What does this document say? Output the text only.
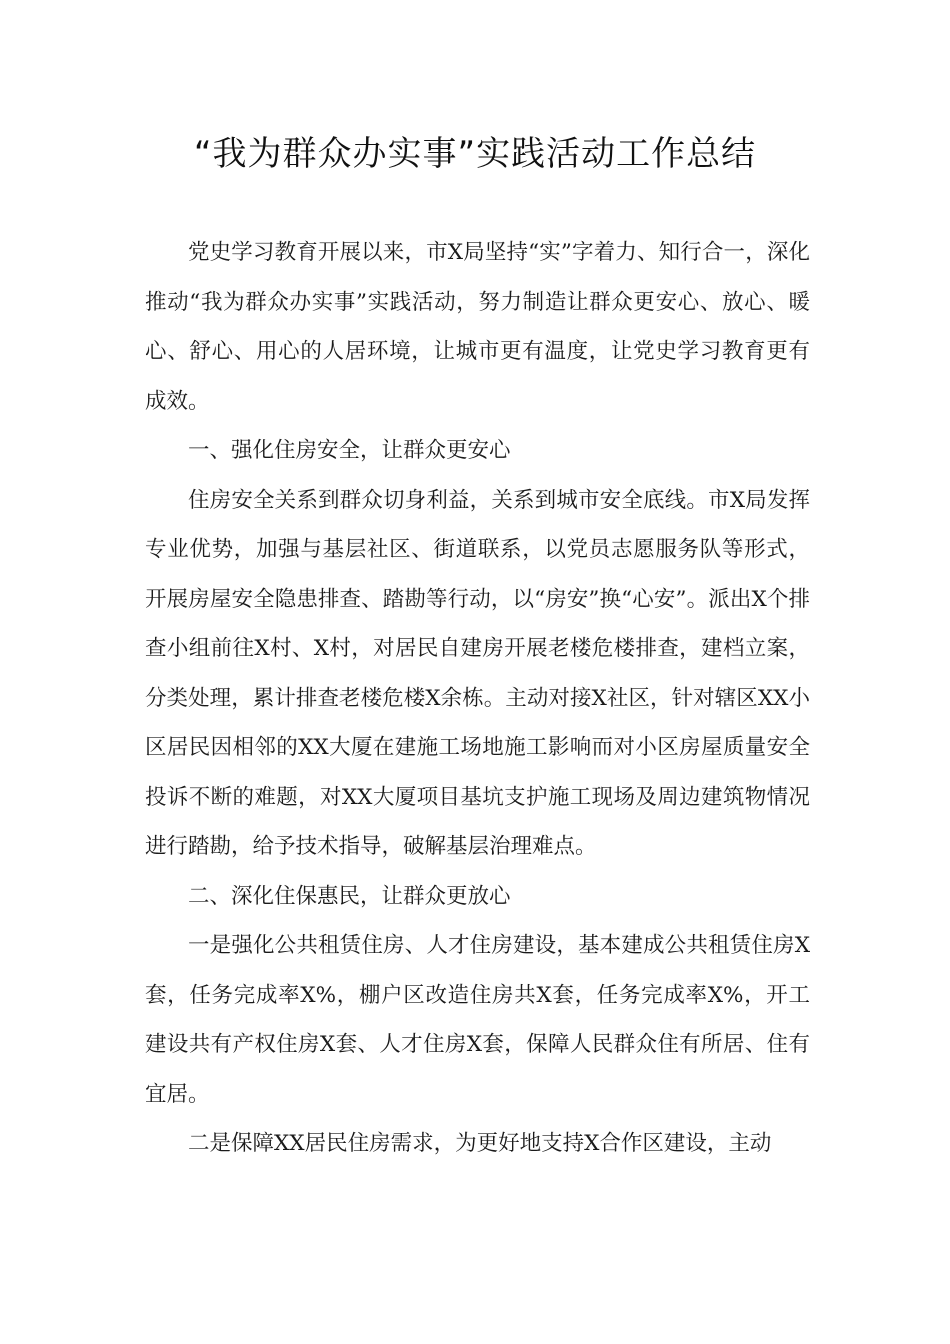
“我为群众办实事”实践活动工作总结

党史学习教育开展以来，市X局坚持“实”字着力、知行合一，深化推动“我为群众办实事”实践活动，努力制造让群众更安心、放心、暖心、舒心、用心的人居环境，让城市更有温度，让党史学习教育更有成效。

一、强化住房安全，让群众更安心

住房安全关系到群众切身利益，关系到城市安全底线。市X局发挥专业优势，加强与基层社区、街道联系，以党员志愿服务队等形式，开展房屋安全隐患排查、踏勘等行动，以“房安”换“心安”。派出X个排查小组前往X村、X村，对居民自建房开展老楼危楼排查，建档立案，分类处理，累计排查老楼危楼X余栋。主动对接X社区，针对辖区XX小区居民因相邻的XX大厦在建施工场地施工影响而对小区房屋质量安全投诉不断的难题，对XX大厦项目基坑支护施工现场及周边建筑物情况进行踏勘，给予技术指导，破解基层治理难点。

二、深化住保惠民，让群众更放心

一是强化公共租赁住房、人才住房建设，基本建成公共租赁住房X套，任务完成率X%，棚户区改造住房共X套，任务完成率X%，开工建设共有产权住房X套、人才住房X套，保障人民群众住有所居、住有宜居。

二是保障XX居民住房需求，为更好地支持X合作区建设，主动
